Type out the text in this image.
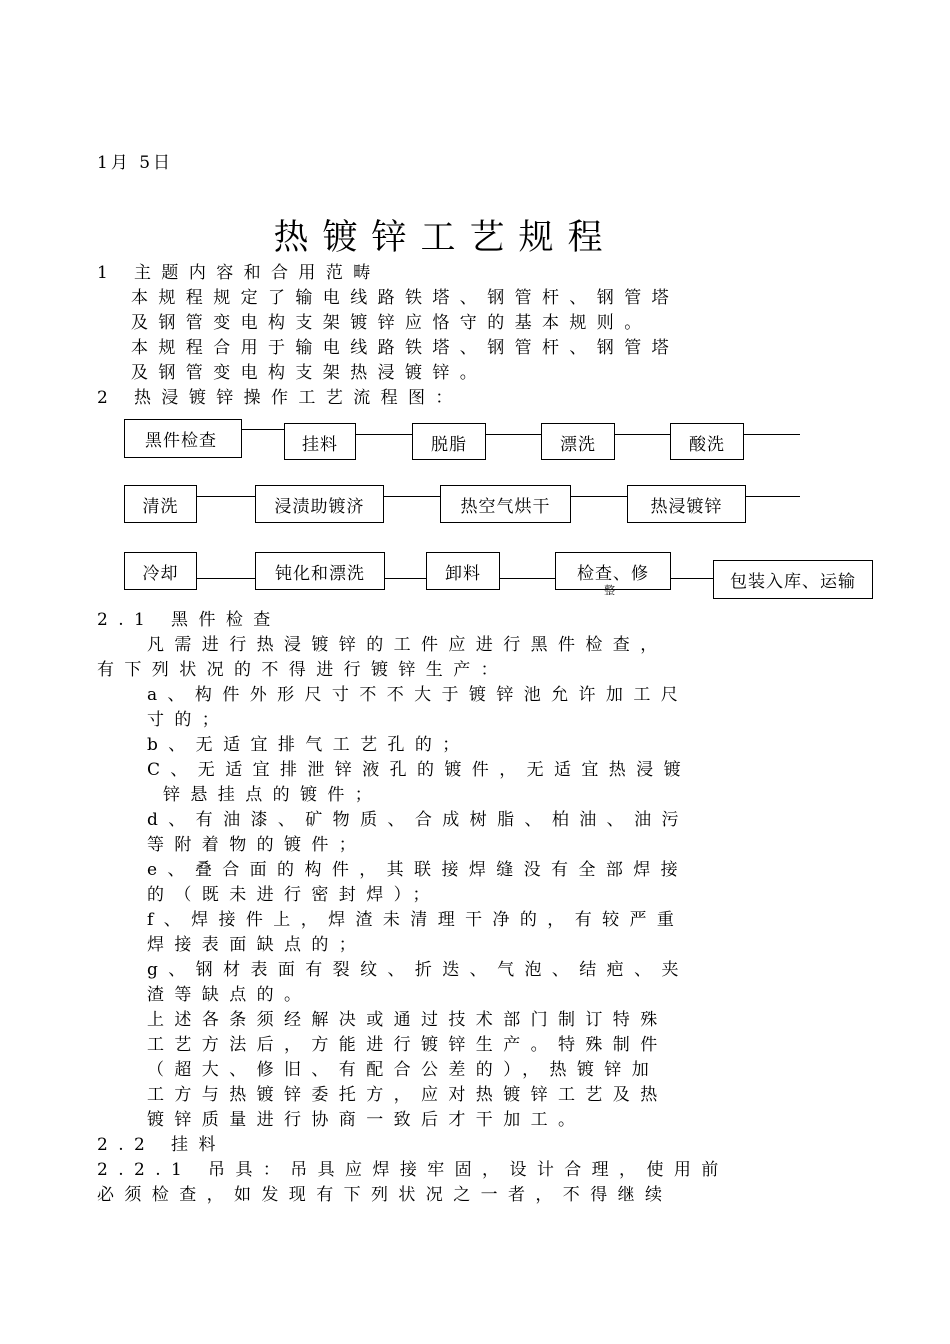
1月 5日
热镀锌工艺规程
1 主题内容和合用范畴
本规程规定了输电线路铁塔、钢管杆、钢管塔
及钢管变电构支架镀锌应恪守的基本规则。
本规程合用于输电线路铁塔、钢管杆、钢管塔
及钢管变电构支架热浸镀锌。
2 热浸镀锌操作工艺流程图：
黑件检查	挂料	脱脂	漂洗	酸洗
清洗	浸渍助镀济	热空气烘干	热浸镀锌
冷却	钝化和漂洗	卸料	检查、修
整	包装入库、运输
2.1 黑件检查
凡需进行热浸镀锌的工件应进行黑件检查，
有下列状况的不得进行镀锌生产：
a、构件外形尺寸不不大于镀锌池允许加工尺
寸的；
b、无适宜排气工艺孔的；
C、无适宜排泄锌液孔的镀件，无适宜热浸镀
锌悬挂点的镀件；
d、有油漆、矿物质、合成树脂、柏油、油污
等附着物的镀件；
e、叠合面的构件，其联接焊缝没有全部焊接
的（既未进行密封焊）；
f、焊接件上，焊渣未清理干净的，有较严重
焊接表面缺点的；
g、钢材表面有裂纹、折迭、气泡、结疤、夹
渣等缺点的。
上述各条须经解决或通过技术部门制订特殊
工艺方法后，方能进行镀锌生产。特殊制件
（超大、修旧、有配合公差的），热镀锌加
工方与热镀锌委托方，应对热镀锌工艺及热
镀锌质量进行协商一致后才干加工。
2.2 挂料
2.2.1 吊具：吊具应焊接牢固，设计合理，使用前
必须检查，如发现有下列状况之一者，不得继续
